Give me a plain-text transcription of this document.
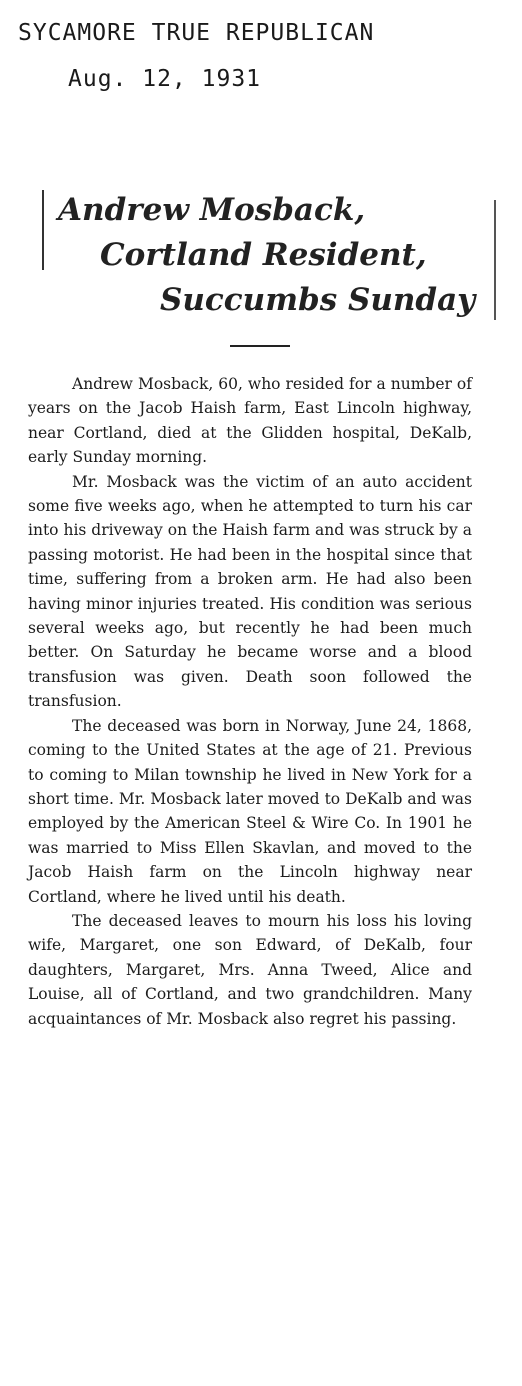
SYCAMORE TRUE REPUBLICAN
Aug. 12, 1931
Andrew Mosback,
Cortland Resident,
Succumbs Sunday

Andrew Mosback, 60, who resided for a number of years on the Jacob Haish farm, East Lincoln highway, near Cortland, died at the Glidden hospital, DeKalb, early Sunday morning.

Mr. Mosback was the victim of an auto accident some five weeks ago, when he attempted to turn his car into his driveway on the Haish farm and was struck by a passing motorist. He had been in the hospital since that time, suffering from a broken arm. He had also been having minor injuries treated. His condition was serious several weeks ago, but recently he had been much better. On Saturday he became worse and a blood transfusion was given. Death soon followed the transfusion.

The deceased was born in Norway, June 24, 1868, coming to the United States at the age of 21. Previous to coming to Milan township he lived in New York for a short time. Mr. Mosback later moved to DeKalb and was employed by the American Steel & Wire Co. In 1901 he was married to Miss Ellen Skavlan, and moved to the Jacob Haish farm on the Lincoln highway near Cortland, where he lived until his death.

The deceased leaves to mourn his loss his loving wife, Margaret, one son Edward, of DeKalb, four daughters, Margaret, Mrs. Anna Tweed, Alice and Louise, all of Cortland, and two grandchildren. Many acquaintances of Mr. Mosback also regret his passing.
